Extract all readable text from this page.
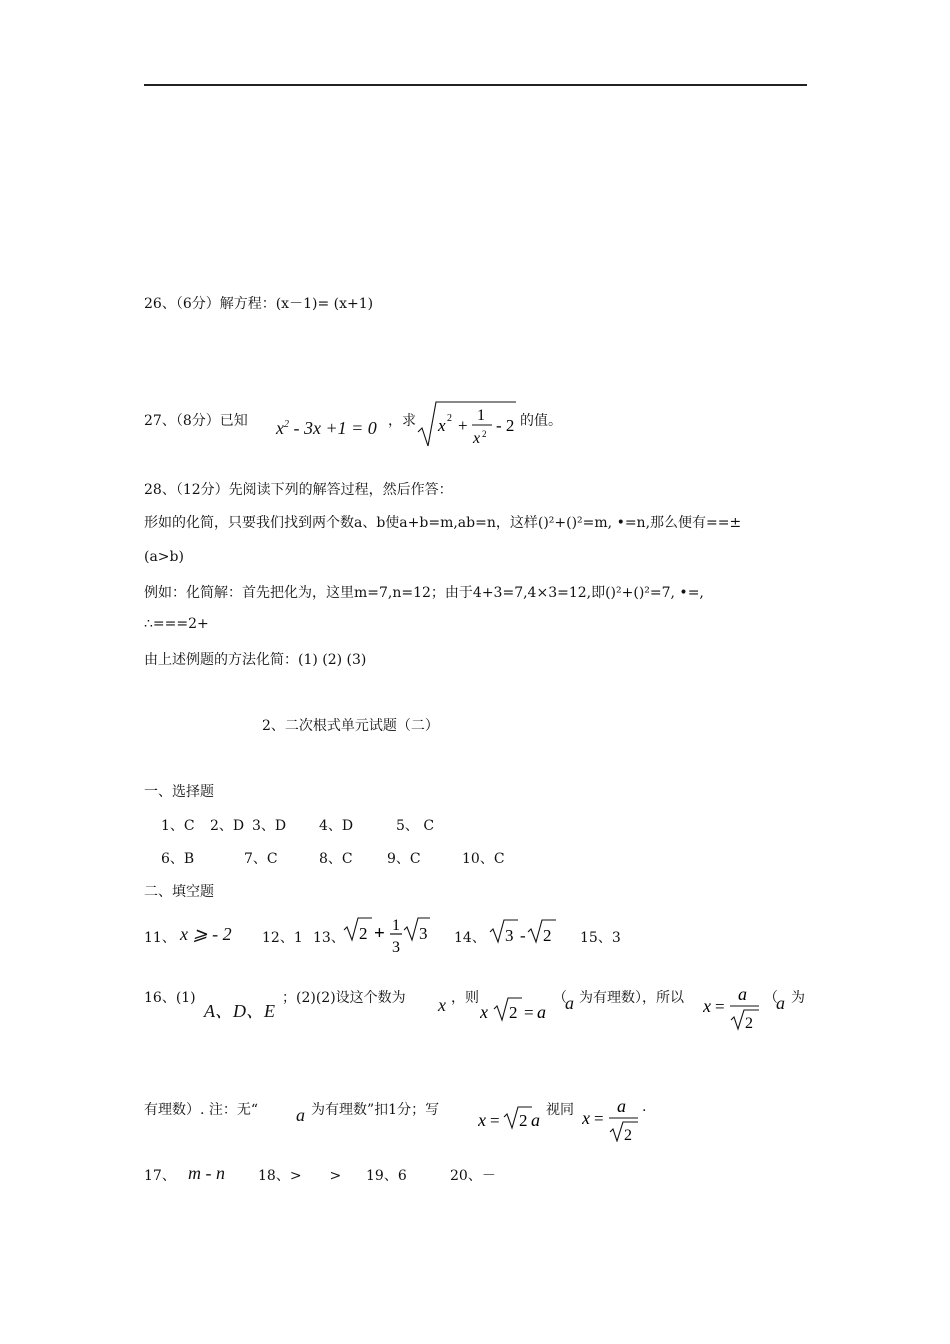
26、（6分）解方程：(x－1)= (x+1)
27、（8分）已知 $x^2 - 3x +1 = 0$ ，求 x 2 +
1
x 2 - 2 的值。
28、（12分）先阅读下列的解答过程，然后作答：
形如的化简，只要我们找到两个数a、b使a+b=m,ab=n，这样()²+()²=m, •=n,那么便有==±
(a>b)
例如：化简解：首先把化为，这里m=7,n=12；由于4+3=7,4×3=12,即()²+()²=7, •=,
∴===2+
由上述例题的方法化简：(1) (2) (3)
2、二次根式单元试题（二）
一、选择题
1、C 2、D 3、D 4、D	5、 C
6、B	7、C	8、C 9、C	10、C
二、填空题
11、 x ⩾ - 2 12、1 13、 2 + 1
3
3 14、 3 - 2 15、3
16、(1)
A、D、E
；(2)(2)设这个数为 x ，则
x 2 = a
（
a 为有理数），所以 x =
a
2
（
a 为
有理数）. 注：无“ a 为有理数”扣1分；写 x = 2 a 视同 x =
a
2
.
17、 m - n 18、>　　> 19、6	20、－
